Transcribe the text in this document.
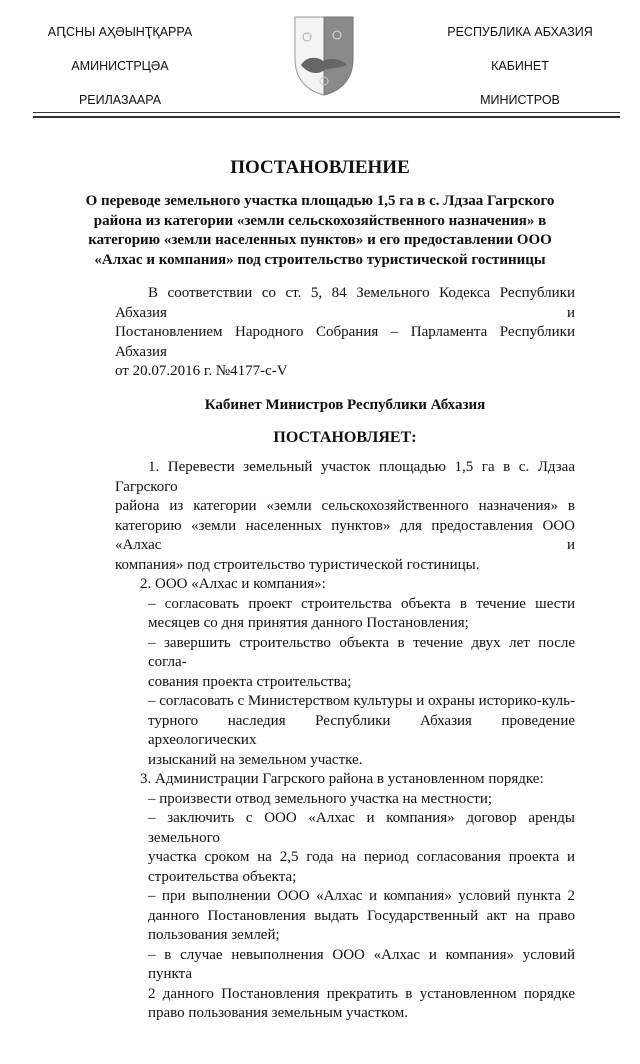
АԤСНЫ АҲӘЫНҬҚАРРА
АМИНИСТРЦӘА
РЕИЛАЗААРА
РЕСПУБЛИКА АБХАЗИЯ
КАБИНЕТ
МИНИСТРОВ
ПОСТАНОВЛЕНИЕ
О переводе земельного участка площадью 1,5 га в с. Лдзаа Гагрского
района из категории «земли сельскохозяйственного назначения» в
категорию «земли населенных пунктов» и его предоставлении ООО
«Алхас и компания» под строительство туристической гостиницы
В соответствии со ст. 5, 84 Земельного Кодекса Республики Абхазия и
Постановлением Народного Собрания – Парламента Республики Абхазия
от 20.07.2016 г. №4177-с-V
Кабинет Министров Республики Абхазия
ПОСТАНОВЛЯЕТ:
1. Перевести земельный участок площадью 1,5 га в с. Лдзаа Гагрского
района из категории «земли сельскохозяйственного назначения» в
категорию «земли населенных пунктов» для предоставления ООО «Алхас и
компания» под строительство туристической гостиницы.
2. ООО «Алхас и компания»:
– согласовать проект строительства объекта в течение шести
месяцев со дня принятия данного Постановления;
– завершить строительство объекта в течение двух лет после согла-
сования проекта строительства;
– согласовать с Министерством культуры и охраны историко-куль-
турного наследия Республики Абхазия проведение археологических
изысканий на земельном участке.
3. Администрации Гагрского района в установленном порядке:
– произвести отвод земельного участка на местности;
– заключить с ООО «Алхас и компания» договор аренды земельного
участка сроком на 2,5 года на период согласования проекта и
строительства объекта;
– при выполнении ООО «Алхас и компания» условий пункта 2
данного Постановления выдать Государственный акт на право
пользования землей;
– в случае невыполнения ООО «Алхас и компания» условий пункта
2 данного Постановления прекратить в установленном порядке
право пользования земельным участком.
